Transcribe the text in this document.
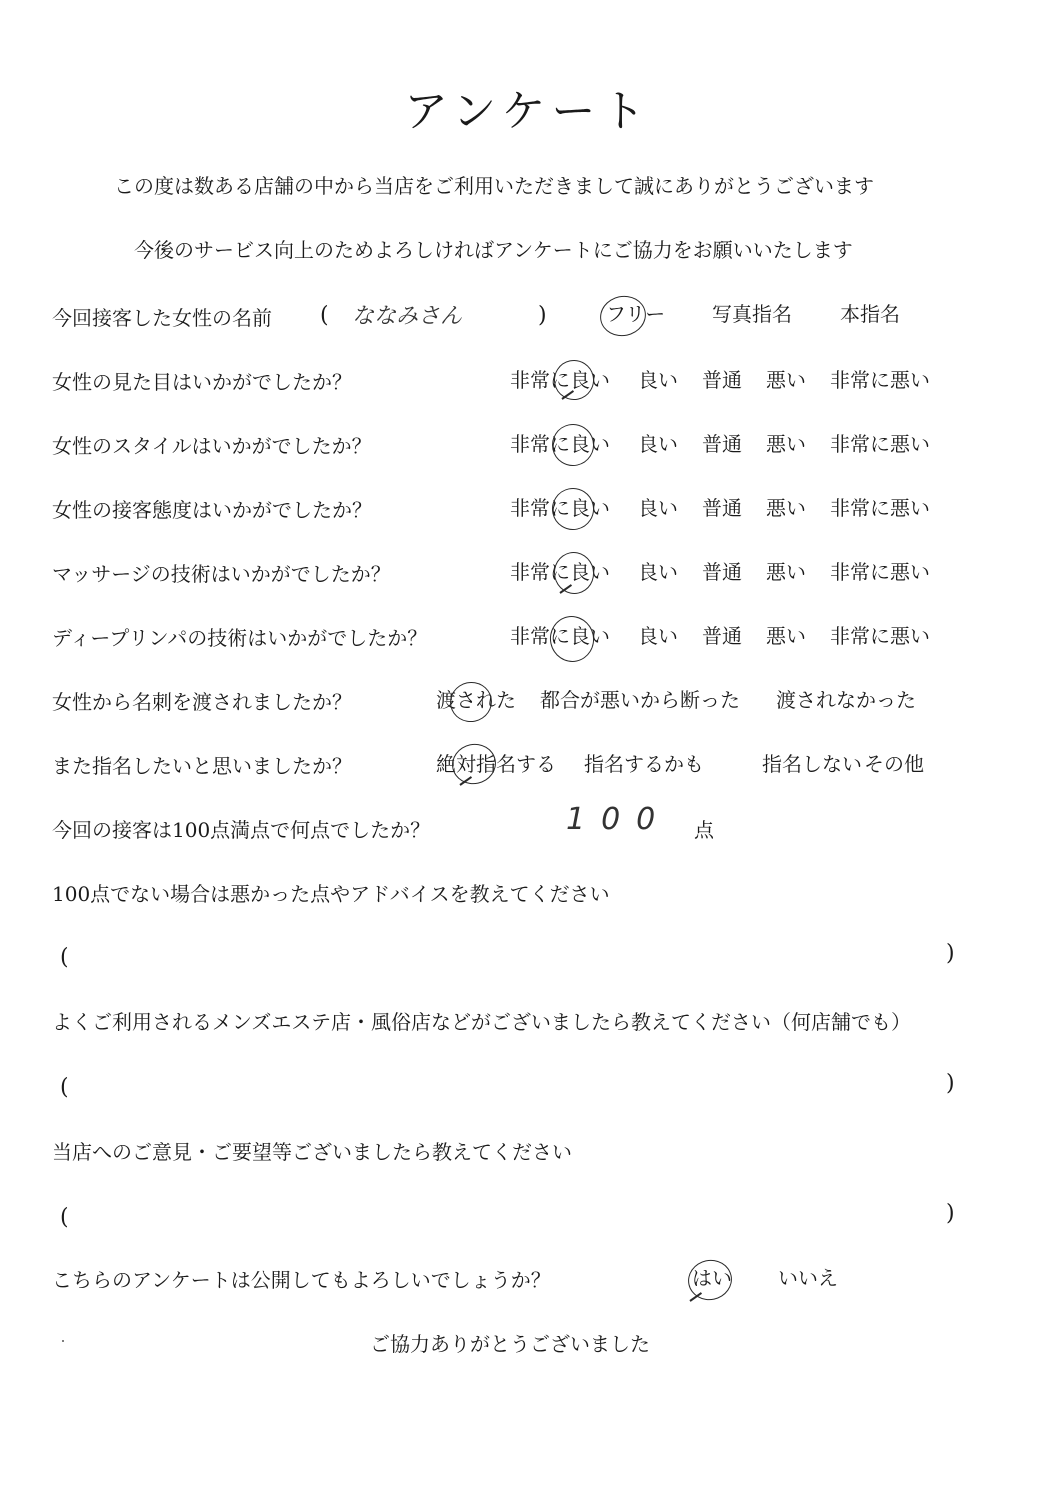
アンケート
この度は数ある店舗の中から当店をご利用いただきまして誠にありがとうございます
今後のサービス向上のためよろしければアンケートにご協力をお願いいたします
今回接客した女性の名前 ( ななみさん	)	フリー 写真指名 本指名
女性の見た目はいかがでしたか？	非常に良い 良い 普通 悪い 非常に悪い
女性のスタイルはいかがでしたか？	非常に良い 良い 普通 悪い 非常に悪い
女性の接客態度はいかがでしたか？	非常に良い 良い 普通 悪い 非常に悪い
マッサージの技術はいかがでしたか？	非常に良い 良い 普通 悪い 非常に悪い
ディープリンパの技術はいかがでしたか？	非常に良い 良い 普通 悪い 非常に悪い
女性から名刺を渡されましたか？	渡された 都合が悪いから断った 渡されなかった
また指名したいと思いましたか？	絶対指名する 指名するかも	指名しない その他
今回の接客は100点満点で何点でしたか？	100 点
100点でない場合は悪かった点やアドバイスを教えてください
(	)
よくご利用されるメンズエステ店・風俗店などがございましたら教えてください（何店舗でも）
(	)
当店へのご意見・ご要望等ございましたら教えてください
(	)
こちらのアンケートは公開してもよろしいでしょうか？	はい いいえ
ご協力ありがとうございました
